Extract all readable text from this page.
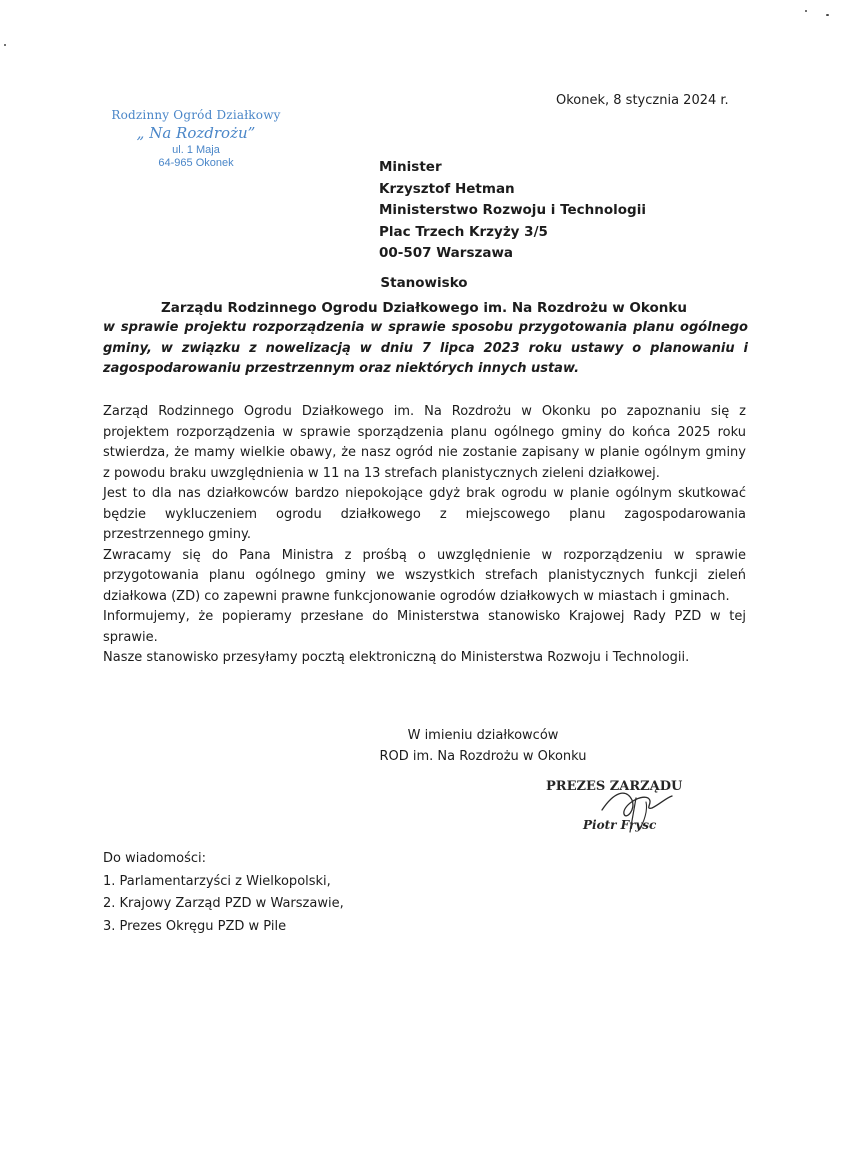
Rodzinny Ogród Działkowy
„ Na Rozdrożu”
ul. 1 Maja
64-965 Okonek
Okonek, 8 stycznia 2024 r.
Minister
Krzysztof Hetman
Ministerstwo Rozwoju i Technologii
Plac Trzech Krzyży 3/5
00-507 Warszawa
Stanowisko
Zarządu Rodzinnego Ogrodu Działkowego im. Na Rozdrożu w Okonku
w sprawie projektu rozporządzenia w sprawie sposobu przygotowania planu ogólnego gminy, w związku z nowelizacją w dniu 7 lipca 2023 roku ustawy o planowaniu i zagospodarowaniu przestrzennym oraz niektórych innych ustaw.

Zarząd Rodzinnego Ogrodu Działkowego im. Na Rozdrożu w Okonku po zapoznaniu się z projektem rozporządzenia w sprawie sporządzenia planu ogólnego gminy do końca 2025 roku stwierdza, że mamy wielkie obawy, że nasz ogród nie zostanie zapisany w planie ogólnym gminy z powodu braku uwzględnienia w 11 na 13 strefach planistycznych zieleni działkowej.

Jest to dla nas działkowców bardzo niepokojące gdyż brak ogrodu w planie ogólnym skutkować będzie wykluczeniem ogrodu działkowego z miejscowego planu zagospodarowania przestrzennego gminy.

Zwracamy się do Pana Ministra z prośbą o uwzględnienie w rozporządzeniu w sprawie przygotowania planu ogólnego gminy we wszystkich strefach planistycznych funkcji zieleń działkowa (ZD) co zapewni prawne funkcjonowanie ogrodów działkowych w miastach i gminach.

Informujemy, że popieramy przesłane do Ministerstwa stanowisko Krajowej Rady PZD w tej sprawie.

Nasze stanowisko przesyłamy pocztą elektroniczną do Ministerstwa Rozwoju i Technologii.

W imieniu działkowców
ROD im. Na Rozdrożu w Okonku
PREZES ZARZĄDU
Piotr Frysc
Do wiadomości:
1. Parlamentarzyści z Wielkopolski,
2. Krajowy Zarząd PZD w Warszawie,
3. Prezes Okręgu PZD w Pile
